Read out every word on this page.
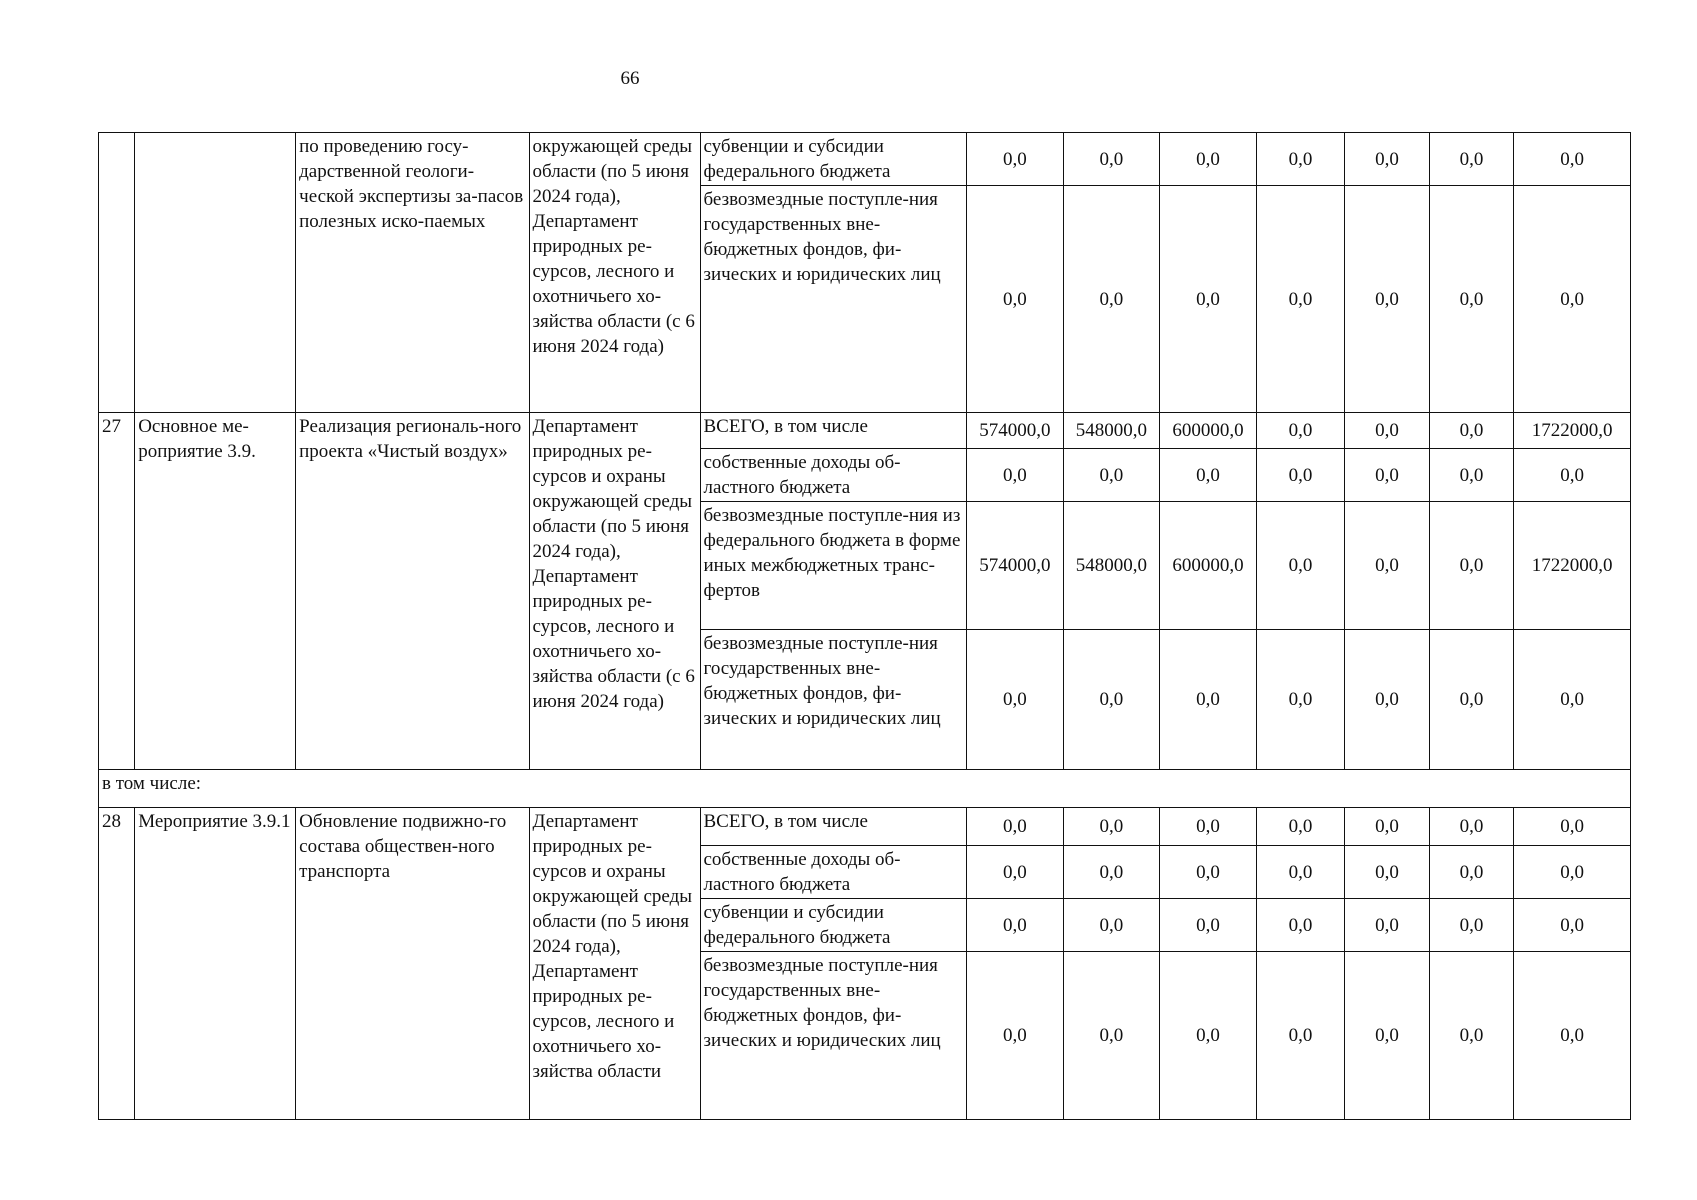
66
		по проведению госу-дарственной геологи-ческой экспертизы за-пасов полезных иско-паемых	окружающей среды области (по 5 июня 2024 года), Департамент природных ре-сурсов, лесного и охотничьего хо-зяйства области (с 6 июня 2024 года)	субвенции и субсидии федерального бюджета	0,0	0,0	0,0	0,0	0,0	0,0	0,0
				безвозмездные поступле-ния государственных вне-бюджетных фондов, фи-зических и юридических лиц	0,0	0,0	0,0	0,0	0,0	0,0	0,0
27	Основное ме-роприятие 3.9.	Реализация региональ-ного проекта «Чистый воздух»	Департамент природных ре-сурсов и охраны окружающей среды области (по 5 июня 2024 года), Департамент природных ре-сурсов, лесного и охотничьего хо-зяйства области (с 6 июня 2024 года)	ВСЕГО, в том числе	574000,0	548000,0	600000,0	0,0	0,0	0,0	1722000,0
				собственные доходы об-ластного бюджета	0,0	0,0	0,0	0,0	0,0	0,0	0,0
				безвозмездные поступле-ния из федерального бюджета в форме иных межбюджетных транс-фертов	574000,0	548000,0	600000,0	0,0	0,0	0,0	1722000,0
				безвозмездные поступле-ния государственных вне-бюджетных фондов, фи-зических и юридических лиц	0,0	0,0	0,0	0,0	0,0	0,0	0,0
в том числе:											
28	Мероприятие 3.9.1	Обновление подвижно-го состава обществен-ного транспорта	Департамент природных ре-сурсов и охраны окружающей среды области (по 5 июня 2024 года), Департамент природных ре-сурсов, лесного и охотничьего хо-зяйства области	ВСЕГО, в том числе	0,0	0,0	0,0	0,0	0,0	0,0	0,0
				собственные доходы об-ластного бюджета	0,0	0,0	0,0	0,0	0,0	0,0	0,0
				субвенции и субсидии федерального бюджета	0,0	0,0	0,0	0,0	0,0	0,0	0,0
				безвозмездные поступле-ния государственных вне-бюджетных фондов, фи-зических и юридических лиц	0,0	0,0	0,0	0,0	0,0	0,0	0,0
